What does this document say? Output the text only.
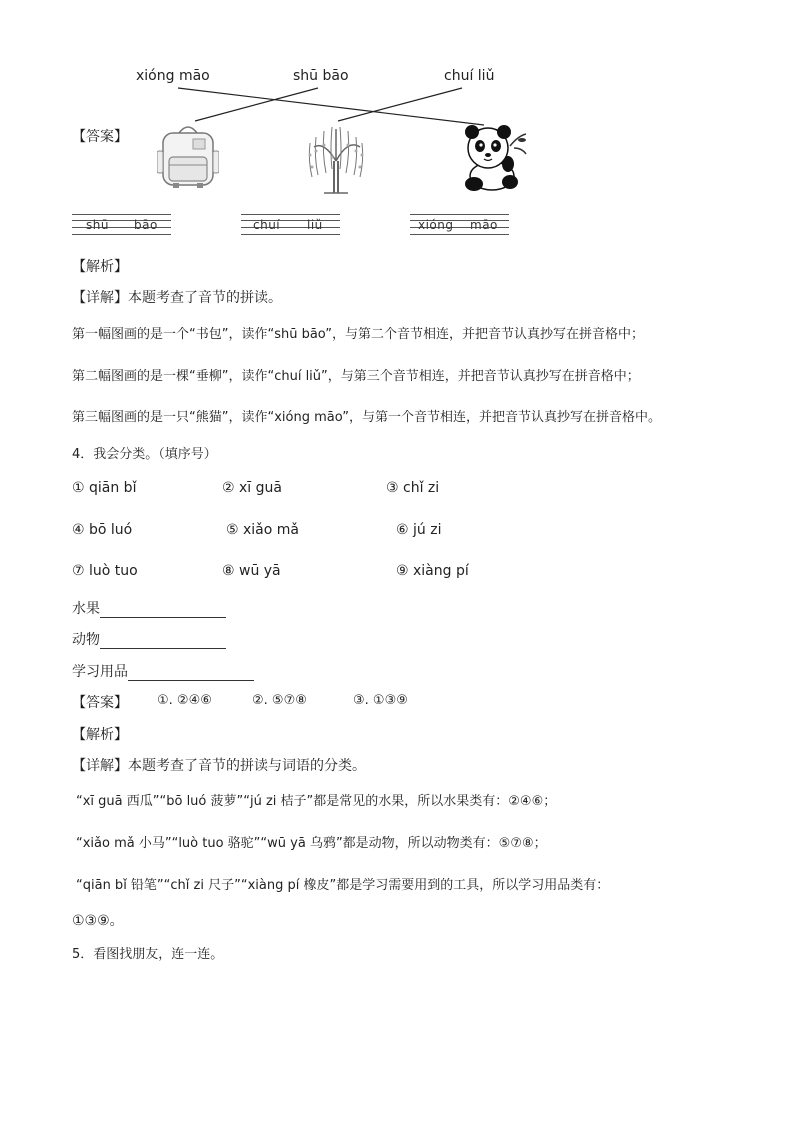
xióng māo	shū bāo	chuí liǔ
【答案】
shū bāo	chuí liǔ	xióng māo
【解析】
【详解】本题考查了音节的拼读。
第一幅图画的是一个“书包”，读作“shū bāo”，与第二个音节相连，并把音节认真抄写在拼音格中；
第二幅图画的是一棵“垂柳”，读作“chuí liǔ”，与第三个音节相连，并把音节认真抄写在拼音格中；
第三幅图画的是一只“熊猫”，读作“xióng māo”，与第一个音节相连，并把音节认真抄写在拼音格中。
4．我会分类。（填序号）
① qiān bǐ	② xī guā	③ chǐ zi
④ bō luó	⑤ xiǎo mǎ	⑥ jú zi
⑦ luò tuo	⑧ wū yā	⑨ xiàng pí
水果
动物
学习用品
【答案】 ①. ②④⑥	②. ⑤⑦⑧	③. ①③⑨
【解析】
【详解】本题考查了音节的拼读与词语的分类。
“xī guā 西瓜”“bō luó 菠萝”“jú zi 桔子”都是常见的水果，所以水果类有：②④⑥；
“xiǎo mǎ 小马”“luò tuo 骆驼”“wū yā 乌鸦”都是动物，所以动物类有：⑤⑦⑧；
“qiān bǐ 铅笔”“chǐ zi 尺子”“xiàng pí 橡皮”都是学习需要用到的工具，所以学习用品类有：
①③⑨。
5．看图找朋友，连一连。
